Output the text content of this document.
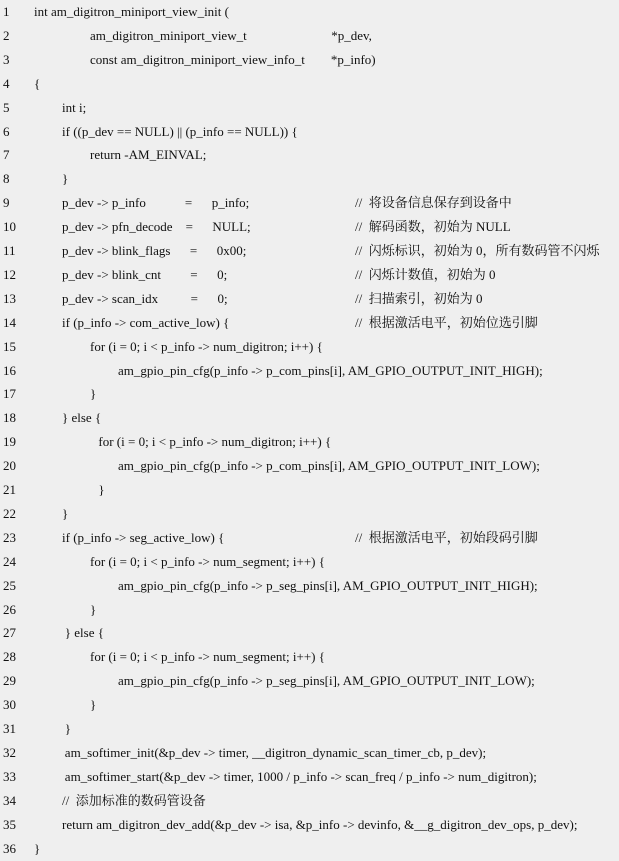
1	int am_digitron_miniport_view_init (
2	am_digitron_miniport_view_t                          *p_dev,
3	const am_digitron_miniport_view_info_t        *p_info)
4	{
5	int i;
6	if ((p_dev == NULL) || (p_info == NULL)) {
7	return -AM_EINVAL;
8	}
9	p_dev -> p_info            =      p_info;	//  将设备信息保存到设备中
10	p_dev -> pfn_decode    =      NULL;	//  解码函数，初始为 NULL
11	p_dev -> blink_flags      =      0x00;	//  闪烁标识，初始为 0，所有数码管不闪烁
12	p_dev -> blink_cnt         =      0;	//  闪烁计数值，初始为 0
13	p_dev -> scan_idx          =      0;	//  扫描索引，初始为 0
14	if (p_info -> com_active_low) {	//  根据激活电平，初始位选引脚
15	for (i = 0; i < p_info -> num_digitron; i++) {
16	am_gpio_pin_cfg(p_info -> p_com_pins[i], AM_GPIO_OUTPUT_INIT_HIGH);
17	}
18	} else {
19	for (i = 0; i < p_info -> num_digitron; i++) {
20	am_gpio_pin_cfg(p_info -> p_com_pins[i], AM_GPIO_OUTPUT_INIT_LOW);
21	}
22	}
23	if (p_info -> seg_active_low) {	//  根据激活电平，初始段码引脚
24	for (i = 0; i < p_info -> num_segment; i++) {
25	am_gpio_pin_cfg(p_info -> p_seg_pins[i], AM_GPIO_OUTPUT_INIT_HIGH);
26	}
27	} else {
28	for (i = 0; i < p_info -> num_segment; i++) {
29	am_gpio_pin_cfg(p_info -> p_seg_pins[i], AM_GPIO_OUTPUT_INIT_LOW);
30	}
31	}
32	am_softimer_init(&p_dev -> timer, __digitron_dynamic_scan_timer_cb, p_dev);
33	am_softimer_start(&p_dev -> timer, 1000 / p_info -> scan_freq / p_info -> num_digitron);
34	//  添加标准的数码管设备
35	return am_digitron_dev_add(&p_dev -> isa, &p_info -> devinfo, &__g_digitron_dev_ops, p_dev);
36	}
